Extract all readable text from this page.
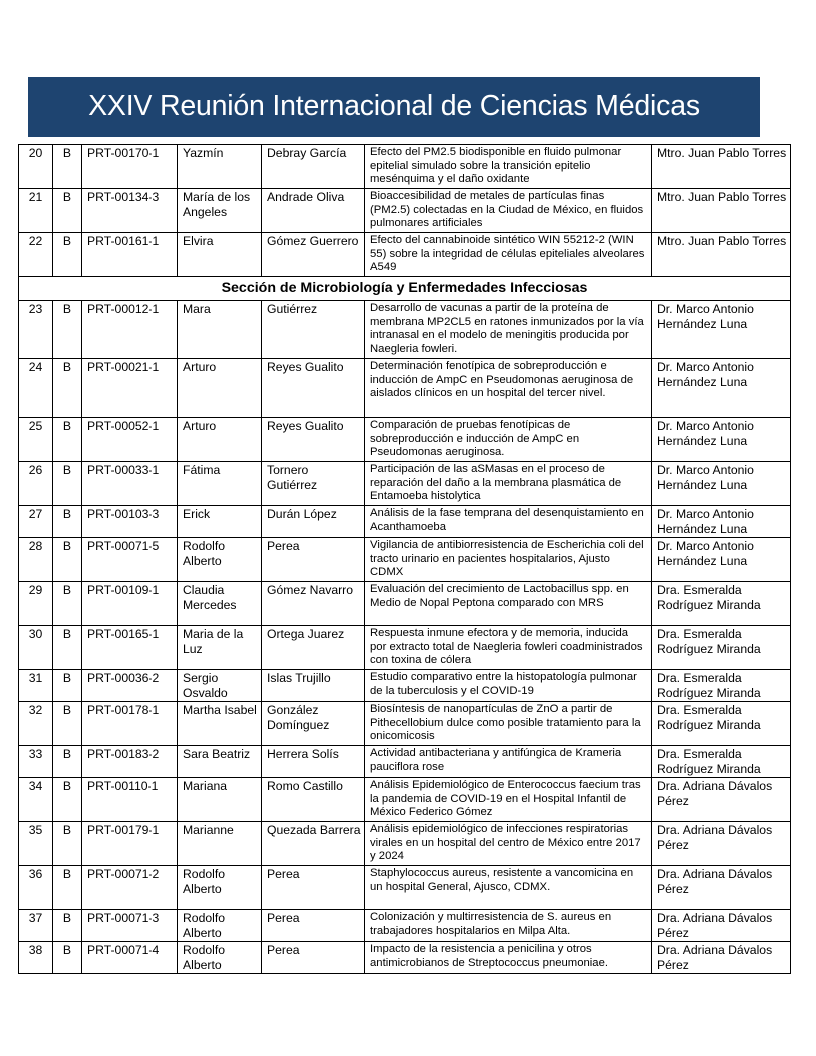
XXIV Reunión Internacional de Ciencias Médicas
20	B	PRT-00170-1	Yazmín	Debray García	Efecto del PM2.5 biodisponible en fluido pulmonar epitelial simulado sobre la transición epitelio mesénquima y el daño oxidante	Mtro. Juan Pablo Torres
21	B	PRT-00134-3	María de los Angeles	Andrade Oliva	Bioaccesibilidad de metales de partículas finas (PM2.5) colectadas en la Ciudad de México, en fluidos pulmonares artificiales	Mtro. Juan Pablo Torres
22	B	PRT-00161-1	Elvira	Gómez Guerrero	Efecto del cannabinoide sintético WIN 55212-2 (WIN 55) sobre la integridad de células epiteliales alveolares A549	Mtro. Juan Pablo Torres
Sección de Microbiología y Enfermedades Infecciosas						
23	B	PRT-00012-1	Mara	Gutiérrez	Desarrollo de vacunas a partir de la proteína de membrana MP2CL5 en ratones inmunizados por la vía intranasal en el modelo de meningitis producida por Naegleria fowleri.	Dr. Marco Antonio Hernández Luna
24	B	PRT-00021-1	Arturo	Reyes Gualito	Determinación fenotípica de sobreproducción e inducción de AmpC en Pseudomonas aeruginosa de aislados clínicos en un hospital del tercer nivel.	Dr. Marco Antonio Hernández Luna
25	B	PRT-00052-1	Arturo	Reyes Gualito	Comparación de pruebas fenotípicas de sobreproducción e inducción de AmpC en Pseudomonas aeruginosa.	Dr. Marco Antonio Hernández Luna
26	B	PRT-00033-1	Fátima	Tornero Gutiérrez	Participación de las aSMasas en el proceso de reparación del daño a la membrana plasmática de Entamoeba histolytica	Dr. Marco Antonio Hernández Luna
27	B	PRT-00103-3	Erick	Durán López	Análisis de la fase temprana del desenquistamiento en Acanthamoeba	Dr. Marco Antonio Hernández Luna
28	B	PRT-00071-5	Rodolfo Alberto	Perea	Vigilancia de antibiorresistencia de Escherichia coli del tracto urinario en pacientes hospitalarios, Ajusto CDMX	Dr. Marco Antonio Hernández Luna
29	B	PRT-00109-1	Claudia Mercedes	Gómez Navarro	Evaluación del crecimiento de Lactobacillus spp. en Medio de Nopal Peptona comparado con MRS	Dra. Esmeralda Rodríguez Miranda
30	B	PRT-00165-1	Maria de la Luz	Ortega Juarez	Respuesta inmune efectora y de memoria, inducida por extracto total de Naegleria fowleri coadministrados con toxina de cólera	Dra. Esmeralda Rodríguez Miranda
31	B	PRT-00036-2	Sergio Osvaldo	Islas Trujillo	Estudio comparativo entre la histopatología pulmonar de la tuberculosis y el COVID-19	Dra. Esmeralda Rodríguez Miranda
32	B	PRT-00178-1	Martha Isabel	González Domínguez	Biosíntesis de nanopartículas de ZnO a partir de Pithecellobium dulce como posible tratamiento para la onicomicosis	Dra. Esmeralda Rodríguez Miranda
33	B	PRT-00183-2	Sara Beatriz	Herrera Solís	Actividad antibacteriana y antifúngica de Krameria pauciflora rose	Dra. Esmeralda Rodríguez Miranda
34	B	PRT-00110-1	Mariana	Romo Castillo	Análisis Epidemiológico de Enterococcus faecium tras la pandemia de COVID-19 en el Hospital Infantil de México Federico Gómez	Dra. Adriana Dávalos Pérez
35	B	PRT-00179-1	Marianne	Quezada Barrera	Análisis epidemiológico de infecciones respiratorias virales en un hospital del centro de México entre 2017 y 2024	Dra. Adriana Dávalos Pérez
36	B	PRT-00071-2	Rodolfo Alberto	Perea	Staphylococcus aureus, resistente a vancomicina en un hospital General, Ajusco, CDMX.	Dra. Adriana Dávalos Pérez
37	B	PRT-00071-3	Rodolfo Alberto	Perea	Colonización y multirresistencia de S. aureus en trabajadores hospitalarios en Milpa Alta.	Dra. Adriana Dávalos Pérez
38	B	PRT-00071-4	Rodolfo Alberto	Perea	Impacto de la resistencia a penicilina y otros antimicrobianos de Streptococcus pneumoniae.	Dra. Adriana Dávalos Pérez
